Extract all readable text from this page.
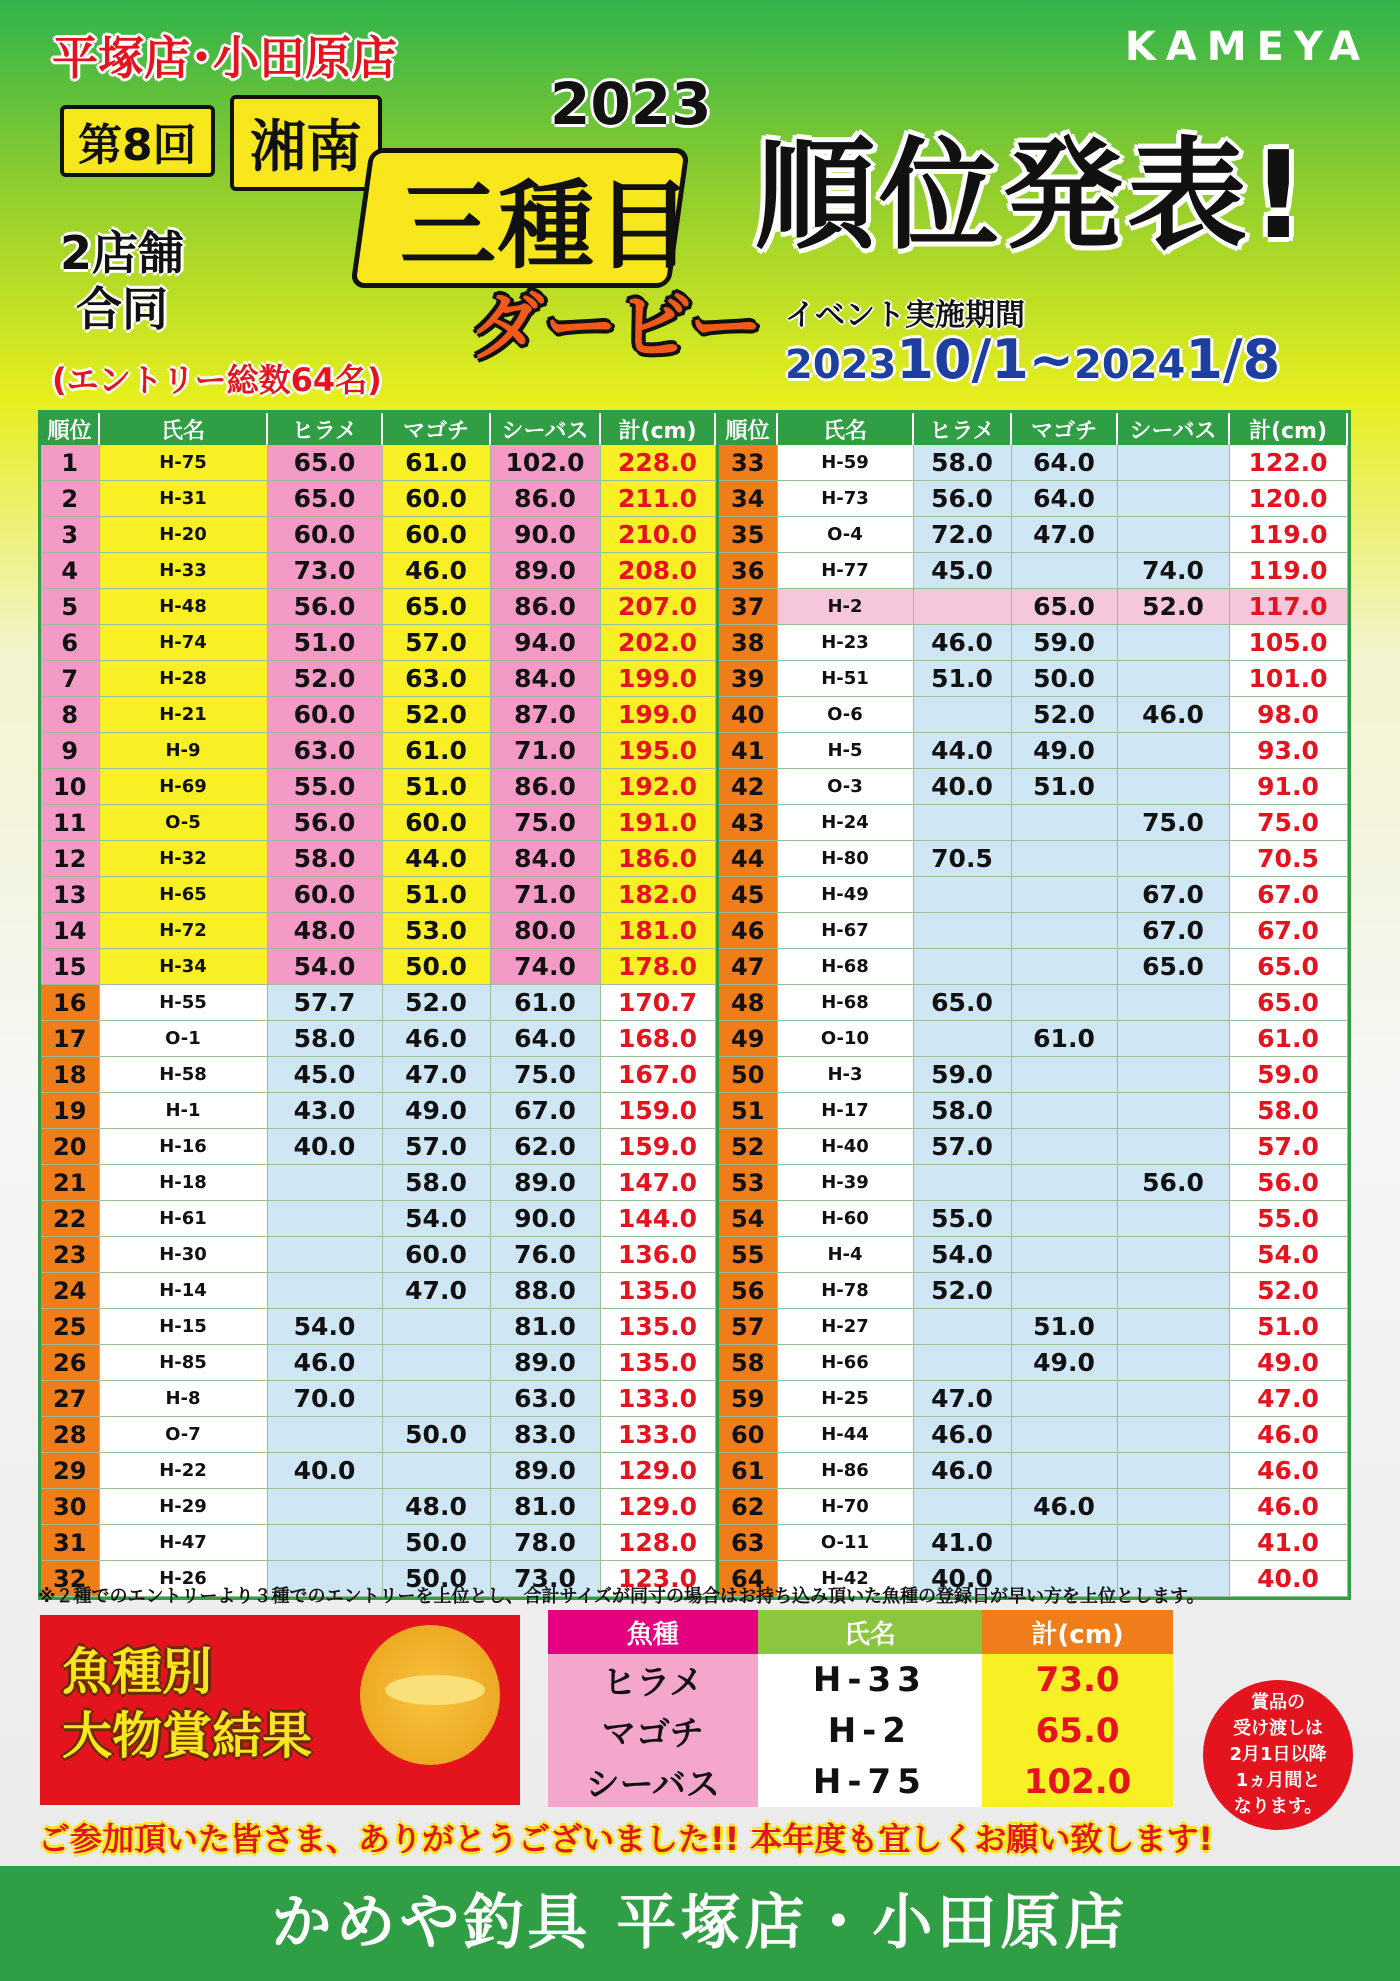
平塚店･小田原店	KAMEYA
第8回 湘南
2023
三種目
ダービー
2店舗
合同
(エントリー総数64名)
順位発表!
イベント実施期間
202310/1~20241/8
順位	氏名	ヒラメ	マゴチ	シーバス	計(cm)
1	H-75	65.0	61.0	102.0	228.0
2	H-31	65.0	60.0	86.0	211.0
3	H-20	60.0	60.0	90.0	210.0
4	H-33	73.0	46.0	89.0	208.0
5	H-48	56.0	65.0	86.0	207.0
6	H-74	51.0	57.0	94.0	202.0
7	H-28	52.0	63.0	84.0	199.0
8	H-21	60.0	52.0	87.0	199.0
9	H-9	63.0	61.0	71.0	195.0
10	H-69	55.0	51.0	86.0	192.0
11	O-5	56.0	60.0	75.0	191.0
12	H-32	58.0	44.0	84.0	186.0
13	H-65	60.0	51.0	71.0	182.0
14	H-72	48.0	53.0	80.0	181.0
15	H-34	54.0	50.0	74.0	178.0
16	H-55	57.7	52.0	61.0	170.7
17	O-1	58.0	46.0	64.0	168.0
18	H-58	45.0	47.0	75.0	167.0
19	H-1	43.0	49.0	67.0	159.0
20	H-16	40.0	57.0	62.0	159.0
21	H-18		58.0	89.0	147.0
22	H-61		54.0	90.0	144.0
23	H-30		60.0	76.0	136.0
24	H-14		47.0	88.0	135.0
25	H-15	54.0		81.0	135.0
26	H-85	46.0		89.0	135.0
27	H-8	70.0		63.0	133.0
28	O-7		50.0	83.0	133.0
29	H-22	40.0		89.0	129.0
30	H-29		48.0	81.0	129.0
31	H-47		50.0	78.0	128.0
32	H-26		50.0	73.0	123.0
順位	氏名	ヒラメ	マゴチ	シーバス	計(cm)
33	H-59	58.0	64.0		122.0
34	H-73	56.0	64.0		120.0
35	O-4	72.0	47.0		119.0
36	H-77	45.0		74.0	119.0
37	H-2		65.0	52.0	117.0
38	H-23	46.0	59.0		105.0
39	H-51	51.0	50.0		101.0
40	O-6		52.0	46.0	98.0
41	H-5	44.0	49.0		93.0
42	O-3	40.0	51.0		91.0
43	H-24			75.0	75.0
44	H-80	70.5			70.5
45	H-49			67.0	67.0
46	H-67			67.0	67.0
47	H-68			65.0	65.0
48	H-68	65.0			65.0
49	O-10		61.0		61.0
50	H-3	59.0			59.0
51	H-17	58.0			58.0
52	H-40	57.0			57.0
53	H-39			56.0	56.0
54	H-60	55.0			55.0
55	H-4	54.0			54.0
56	H-78	52.0			52.0
57	H-27		51.0		51.0
58	H-66		49.0		49.0
59	H-25	47.0			47.0
60	H-44	46.0			46.0
61	H-86	46.0			46.0
62	H-70		46.0		46.0
63	O-11	41.0			41.0
64	H-42	40.0			40.0
※２種でのエントリーより３種でのエントリーを上位とし、合計サイズが同寸の場合はお持ち込み頂いた魚種の登録日が早い方を上位とします。
魚種別
大物賞結果
魚種	氏名	計(cm)
ヒラメ	H-33	73.0
マゴチ	H-2	65.0
シーバス	H-75	102.0
賞品の
受け渡しは
2月1日以降
1ヵ月間と
なります。
ご参加頂いた皆さま、ありがとうございました!! 本年度も宜しくお願い致します!
かめや釣具 平塚店・小田原店
